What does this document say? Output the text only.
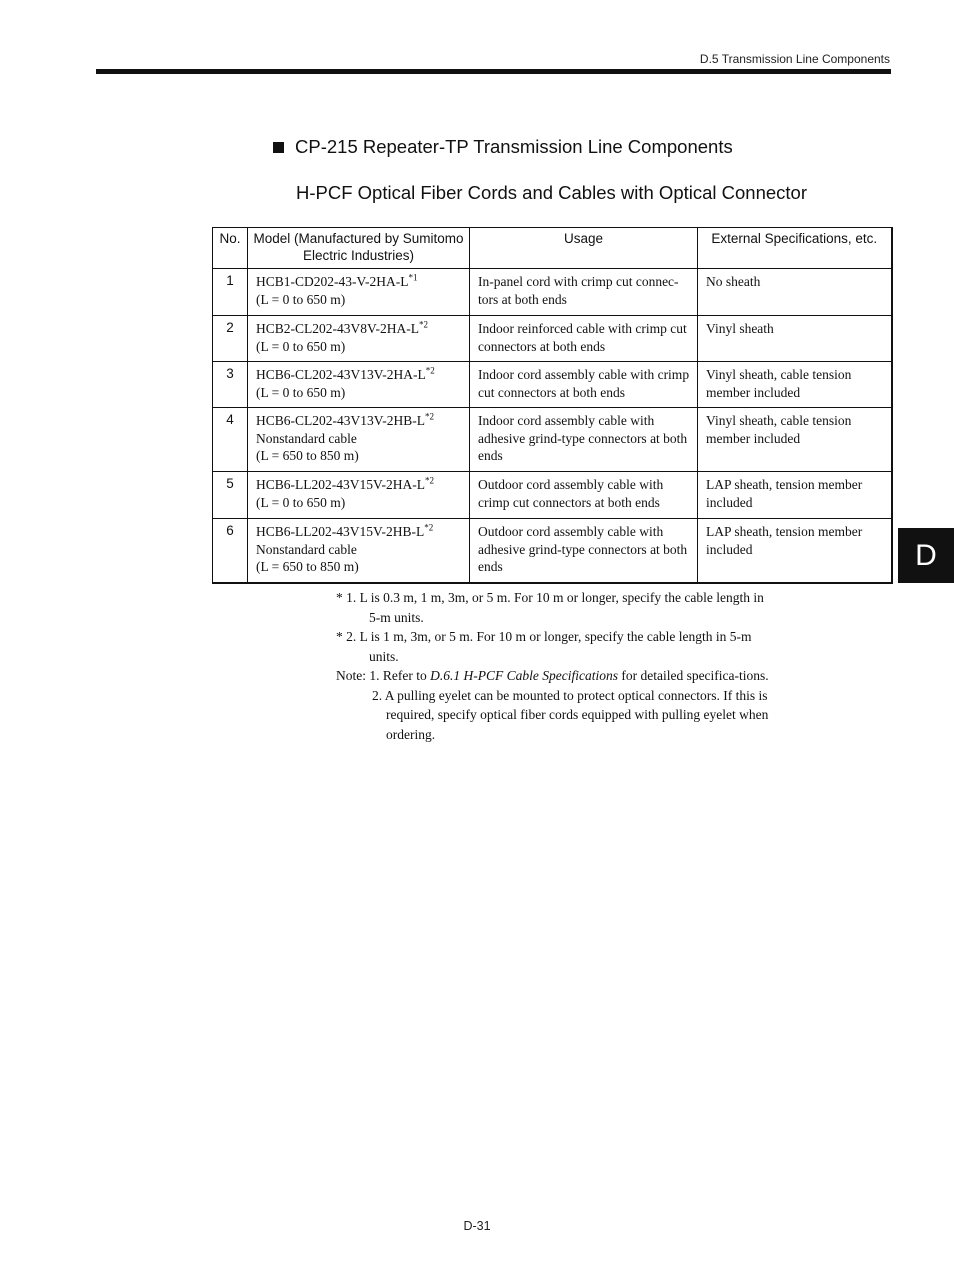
D.5 Transmission Line Components
CP-215 Repeater-TP Transmission Line Components
H-PCF Optical Fiber Cords and Cables with Optical Connector
No.	Model (Manufactured by Sumitomo Electric Industries)	Usage	External Specifications, etc.
1	$HCB1-CD202-43-V-2HA-L^{*1}$
(L = 0 to 650 m)	In-panel cord with crimp cut connec-tors at both ends	No sheath
2	$HCB2-CL202-43V8V-2HA-L^{*2}$
(L = 0 to 650 m)	Indoor reinforced cable with crimp cut connectors at both ends	Vinyl sheath
3	$HCB6-CL202-43V13V-2HA-L^{*2}$
(L = 0 to 650 m)	Indoor cord assembly cable with crimp cut connectors at both ends	Vinyl sheath, cable tension member included
4	$HCB6-CL202-43V13V-2HB-L^{*2}$
Nonstandard cable
(L = 650 to 850 m)	Indoor cord assembly cable with adhesive grind-type connectors at both ends	Vinyl sheath, cable tension member included
5	$HCB6-LL202-43V15V-2HA-L^{*2}$
(L = 0 to 650 m)	Outdoor cord assembly cable with crimp cut connectors at both ends	LAP sheath, tension member included
6	$HCB6-LL202-43V15V-2HB-L^{*2}$
Nonstandard cable
(L = 650 to 850 m)	Outdoor cord assembly cable with adhesive grind-type connectors at both ends	LAP sheath, tension member included
* 1. L is 0.3 m, 1 m, 3m, or 5 m. For 10 m or longer, specify the cable length in 5-m units.
* 2. L is 1 m, 3m, or 5 m. For 10 m or longer, specify the cable length in 5-m units.
Note: 1. Refer to D.6.1 H-PCF Cable Specifications for detailed specifica-tions.
2. A pulling eyelet can be mounted to protect optical connectors. If this is required, specify optical fiber cords equipped with pulling eyelet when ordering.
D
D-31
